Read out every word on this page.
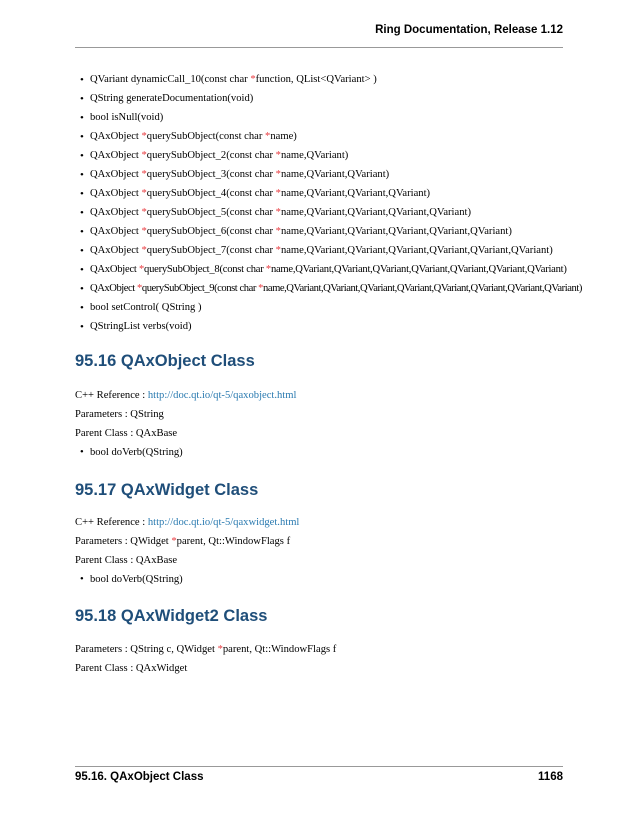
Ring Documentation, Release 1.12
• QVariant dynamicCall_10(const char *function, QList<QVariant> )
• QString generateDocumentation(void)
• bool isNull(void)
• QAxObject *querySubObject(const char *name)
• QAxObject *querySubObject_2(const char *name,QVariant)
• QAxObject *querySubObject_3(const char *name,QVariant,QVariant)
• QAxObject *querySubObject_4(const char *name,QVariant,QVariant,QVariant)
• QAxObject *querySubObject_5(const char *name,QVariant,QVariant,QVariant,QVariant)
• QAxObject *querySubObject_6(const char *name,QVariant,QVariant,QVariant,QVariant,QVariant)
• QAxObject *querySubObject_7(const char *name,QVariant,QVariant,QVariant,QVariant,QVariant,QVariant)
• QAxObject *querySubObject_8(const char *name,QVariant,QVariant,QVariant,QVariant,QVariant,QVariant,QVariant)
• QAxObject *querySubObject_9(const char *name,QVariant,QVariant,QVariant,QVariant,QVariant,QVariant,QVariant,QVariant)
• bool setControl( QString )
• QStringList verbs(void)
95.16 QAxObject Class
C++ Reference : http://doc.qt.io/qt-5/qaxobject.html
Parameters : QString
Parent Class : QAxBase
• bool doVerb(QString)
95.17 QAxWidget Class
C++ Reference : http://doc.qt.io/qt-5/qaxwidget.html
Parameters : QWidget *parent, Qt::WindowFlags f
Parent Class : QAxBase
• bool doVerb(QString)
95.18 QAxWidget2 Class
Parameters : QString c, QWidget *parent, Qt::WindowFlags f
Parent Class : QAxWidget
95.16. QAxObject Class	1168
